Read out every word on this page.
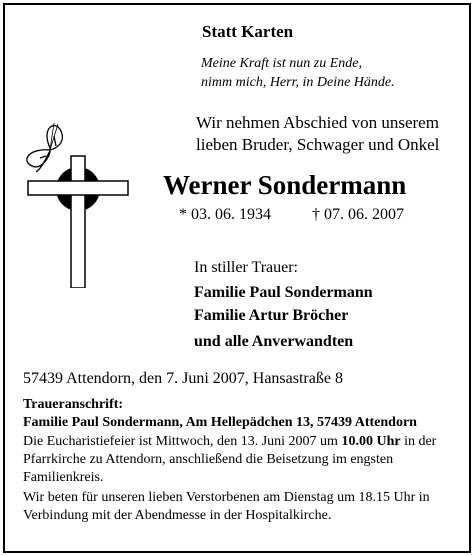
Statt Karten
Meine Kraft ist nun zu Ende,
nimm mich, Herr, in Deine Hände.
Wir nehmen Abschied von unserem
lieben Bruder, Schwager und Onkel
Werner Sondermann
* 03. 06. 1934	† 07. 06. 2007
In stiller Trauer:
Familie Paul Sondermann
Familie Artur Bröcher
und alle Anverwandten
57439 Attendorn, den 7. Juni 2007, Hansastraße 8
Traueranschrift:
Familie Paul Sondermann, Am Hellepädchen 13, 57439 Attendorn
Die Eucharistiefeier ist Mittwoch, den 13. Juni 2007 um 10.00 Uhr in der Pfarrkirche zu Attendorn, anschließend die Beisetzung im engsten Familienkreis.
Wir beten für unseren lieben Verstorbenen am Dienstag um 18.15 Uhr in Verbindung mit der Abendmesse in der Hospitalkirche.
